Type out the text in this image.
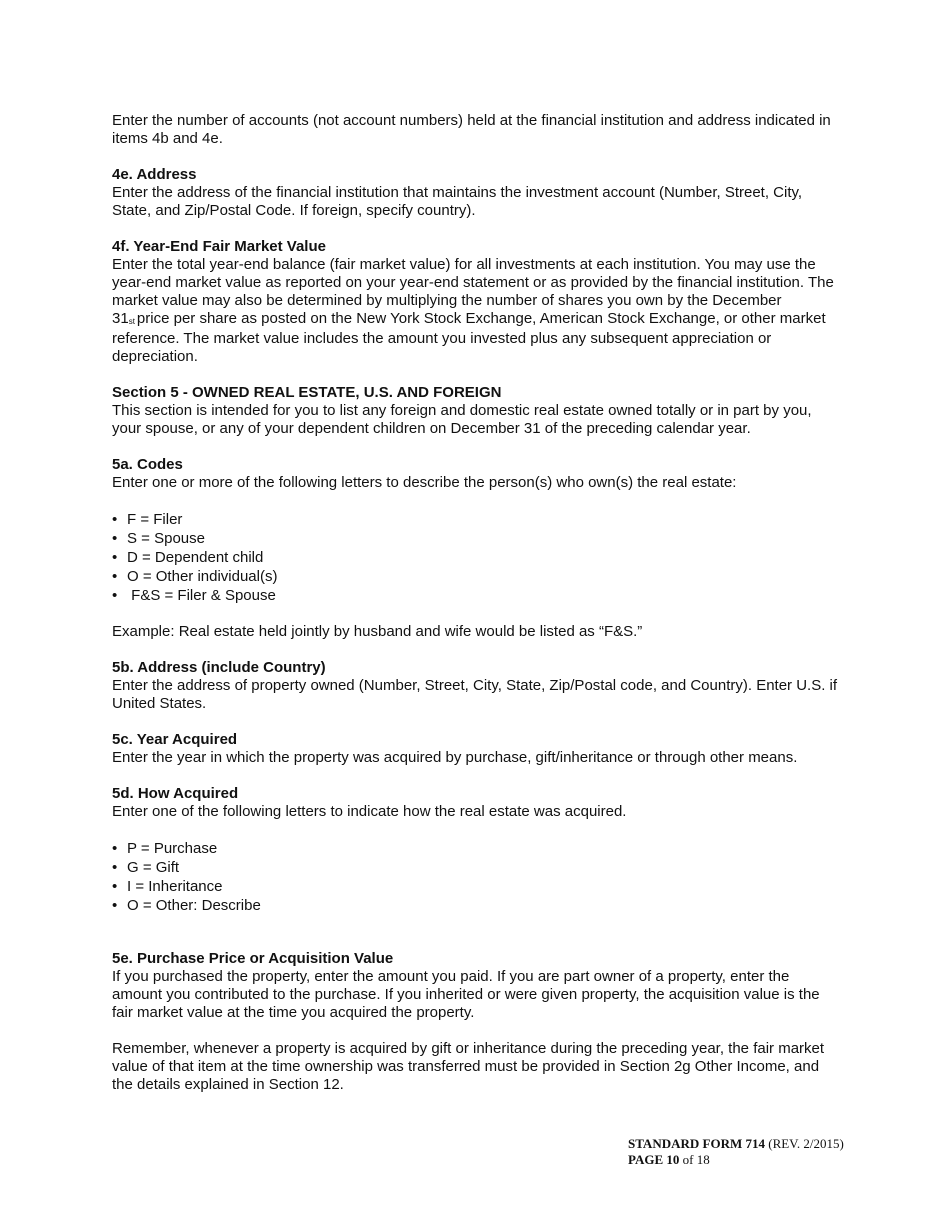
Enter the number of accounts (not account numbers) held at the financial institution and address indicated in items 4b and 4e.

4e. Address

Enter the address of the financial institution that maintains the investment account (Number, Street, City, State, and Zip/Postal Code. If foreign, specify country).

4f. Year-End Fair Market Value

Enter the total year-end balance (fair market value) for all investments at each institution. You may use the year-end market value as reported on your year-end statement or as provided by the financial institution. The market value may also be determined by multiplying the number of shares you own by the December 31st price per share as posted on the New York Stock Exchange, American Stock Exchange, or other market reference. The market value includes the amount you invested plus any subsequent appreciation or depreciation.

Section 5 - OWNED REAL ESTATE, U.S. AND FOREIGN

This section is intended for you to list any foreign and domestic real estate owned totally or in part by you, your spouse, or any of your dependent children on December 31 of the preceding calendar year.

5a. Codes

Enter one or more of the following letters to describe the person(s) who own(s) the real estate:

• F = Filer
• S = Spouse
• D = Dependent child
• O = Other individual(s)
•  F&S = Filer & Spouse

Example: Real estate held jointly by husband and wife would be listed as “F&S.”

5b. Address (include Country)

Enter the address of property owned (Number, Street, City, State, Zip/Postal code, and Country). Enter U.S. if United States.

5c. Year Acquired

Enter the year in which the property was acquired by purchase, gift/inheritance or through other means.

5d. How Acquired

Enter one of the following letters to indicate how the real estate was acquired.

• P = Purchase
• G = Gift
• I = Inheritance
• O = Other: Describe

5e. Purchase Price or Acquisition Value

If you purchased the property, enter the amount you paid. If you are part owner of a property, enter the amount you contributed to the purchase. If you inherited or were given property, the acquisition value is the fair market value at the time you acquired the property.

Remember, whenever a property is acquired by gift or inheritance during the preceding year, the fair market value of that item at the time ownership was transferred must be provided in Section 2g Other Income, and the details explained in Section 12.

STANDARD FORM 714 (REV. 2/2015)
PAGE 10 of 18
